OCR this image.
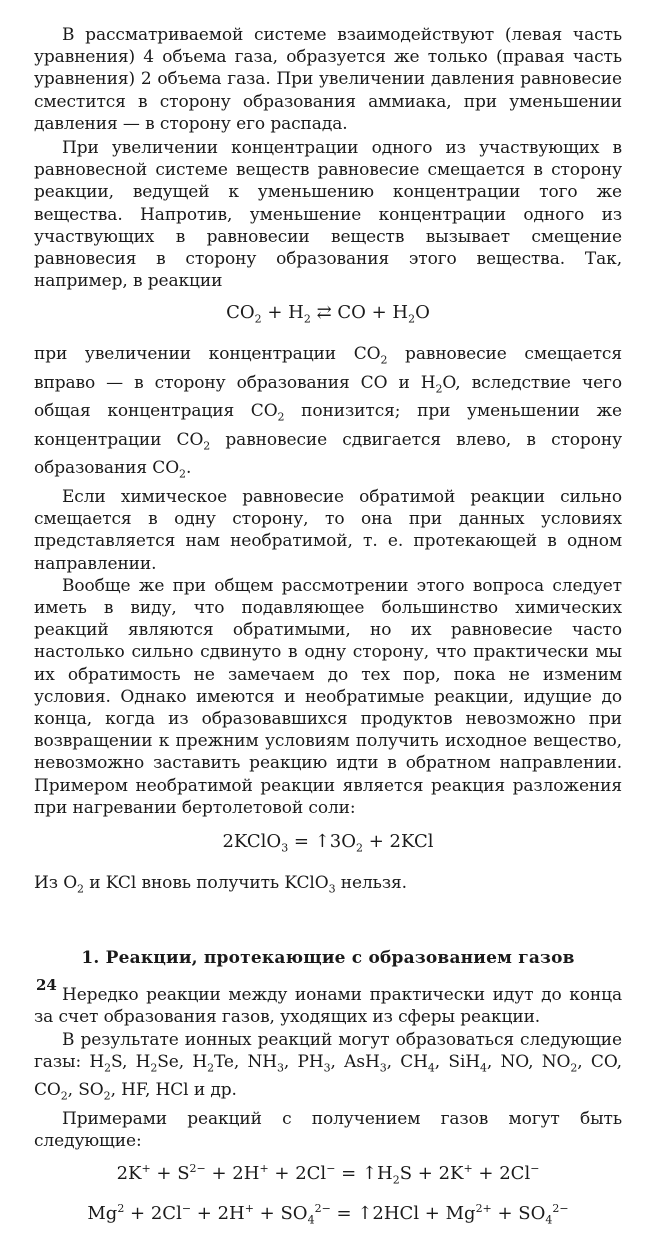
В рассматриваемой системе взаимодействуют (левая часть уравнения) 4 объема газа, образуется же только (правая часть уравнения) 2 объема газа. При увеличении давления равновесие сместится в сторону образования аммиака, при уменьшении давления — в сторону его распада.

При увеличении концентрации одного из участвующих в равновесной системе веществ равновесие смещается в сторону реакции, ведущей к уменьшению концентрации того же вещества. Напротив, уменьшение концентрации одного из участвующих в равновесии веществ вызывает смещение равновесия в сторону образования этого вещества. Так, например, в реакции

$CO_2 + H_2$ ⇄ CO + $H_2O$

при увеличении концентрации $CO_2$ равновесие смещается вправо — в сторону образования CO и $H_2O$, вследствие чего общая концентрация $CO_2$ понизится; при уменьшении же концентрации $CO_2$ равновесие сдвигается влево, в сторону образования $CO_2$.

Если химическое равновесие обратимой реакции сильно смещается в одну сторону, то она при данных условиях представляется нам необратимой, т. е. протекающей в одном направлении.

Вообще же при общем рассмотрении этого вопроса следует иметь в виду, что подавляющее большинство химических реакций являются обратимыми, но их равновесие часто настолько сильно сдвинуто в одну сторону, что практически мы их обратимость не замечаем до тех пор, пока не изменим условия. Однако имеются и необратимые реакции, идущие до конца, когда из образовавшихся продуктов невозможно при возвращении к прежним условиям получить исходное вещество, невозможно заставить реакцию идти в обратном направлении. Примером необратимой реакции является реакция разложения при нагревании бертолетовой соли:

2KClO$_3$ = $↑3O_2 + 2KCl$

Из $O_2$ и KCl вновь получить KClO$_3$ нельзя.

1. Реакции, протекающие с образованием газов

Нередко реакции между ионами практически идут до конца за счет образования газов, уходящих из сферы реакции.

В результате ионных реакций могут образоваться следующие газы: $H_2S$, $H_2Se$, $H_2Te$, $NH_3$, $PH_3$, AsH$_3$, $CH_4$, SiH$_4$, NO, $NO_2$, CO, $CO_2$, $SO_2$, HF, HCl и др.

Примерами реакций с получением газов могут быть следующие:

$2K^+ + S^{2-} + 2H^+ + 2Cl^-$ = $↑H_2S + 2K^+ + 2Cl^-$
$Mg^2 + 2Cl^- + 2H^+ + SO_4^{2-}$ = ↑2HCl + $Mg^{2+} + SO_4^{2-}$
24
